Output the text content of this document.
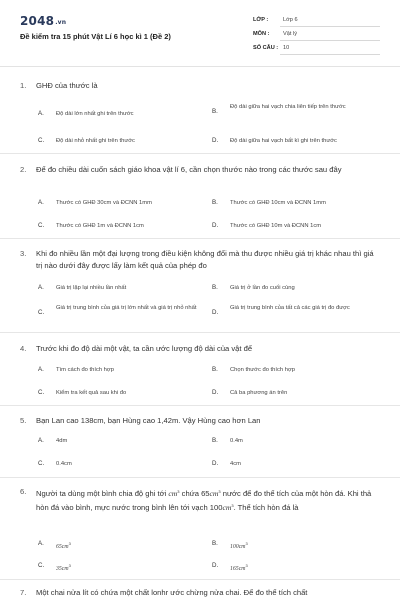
2048.vn
Đề kiểm tra 15 phút Vật Lí 6 học kì 1 (Đề 2)
LỚP :	Lớp 6
MÔN : Vật lý
SỐ CÂU : 10
1. GHĐ của thước là
A. Độ dài lớn nhất ghi trên thước	B.
Độ dài giữa hai vạch chia liên tiếp trên thước
C. Độ dài nhỏ nhất ghi trên thước	D. Độ dài giữa hai vạch bất kì ghi trên thước
2. Để đo chiều dài cuốn sách giáo khoa vật lí 6, cần chọn thước nào trong các thước sau đây
A. Thước có GHĐ 30cm và ĐCNN 1mm	B. Thước có GHĐ 10cm và ĐCNN 1mm
C. Thước có GHĐ 1m và ĐCNN 1cm	D. Thước có GHĐ 10m và ĐCNN 1cm
3. Khi đo nhiều lần một đại lượng trong điều kiện không đổi mà thu được nhiều giá trị khác nhau thì giá trị nào dưới đây được lấy làm kết quả của phép đo
A. Giá trị lặp lại nhiều lần nhất	B. Giá trị ở lần đo cuối cùng
C.
Giá trị trung bình của giá trị lớn nhất và giá trị nhỏ nhất
D.
Giá trị trung bình của tất cả các giá trị đo được
4. Trước khi đo độ dài một vật, ta cần ước lượng độ dài của vật để
A. Tìm cách đo thích hợp	B. Chọn thước đo thích hợp
C. Kiểm tra kết quả sau khi đo	D. Cả ba phương án trên
5. Bạn Lan cao 138cm, bạn Hùng cao 1,42m. Vậy Hùng cao hơn Lan
A. 4dm	B. 0.4m
C. 0.4cm	D. 4cm
6. Người ta dùng một bình chia độ ghi tới $cm^3$ chứa $65cm^3$ nước để đo thể tích của một hòn đá. Khi thả hòn đá vào bình, mực nước trong bình lên tới vạch $100cm^3$. Thể tích hòn đá là
A. $65cm^3$	B. $100cm^3$
C. $35cm^3$	D. $165cm^3$
7. Một chai nửa lít có chứa một chất lonhr ước chừng nửa chai. Để đo thể tích chất
